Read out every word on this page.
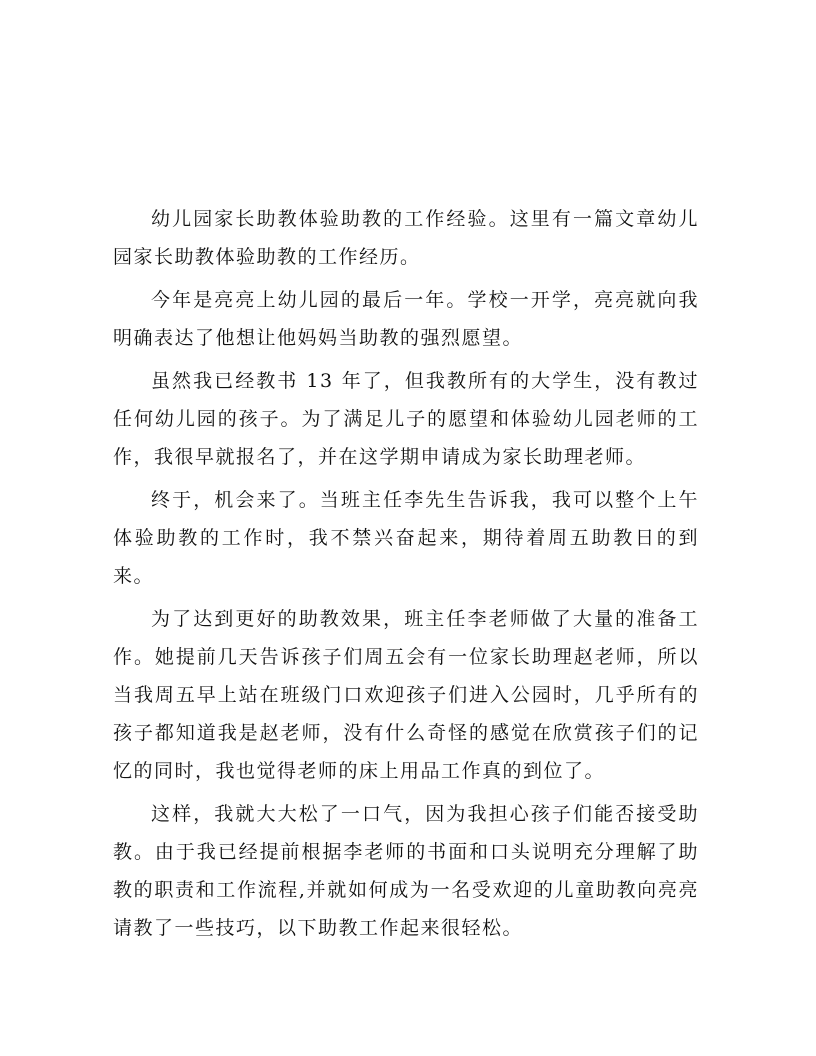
幼儿园家长助教体验助教的工作经验。这里有一篇文章幼儿园家长助教体验助教的工作经历。

今年是亮亮上幼儿园的最后一年。学校一开学，亮亮就向我明确表达了他想让他妈妈当助教的强烈愿望。

虽然我已经教书 13 年了，但我教所有的大学生，没有教过任何幼儿园的孩子。为了满足儿子的愿望和体验幼儿园老师的工作，我很早就报名了，并在这学期申请成为家长助理老师。

终于，机会来了。当班主任李先生告诉我，我可以整个上午体验助教的工作时，我不禁兴奋起来，期待着周五助教日的到来。

为了达到更好的助教效果，班主任李老师做了大量的准备工作。她提前几天告诉孩子们周五会有一位家长助理赵老师，所以当我周五早上站在班级门口欢迎孩子们进入公园时，几乎所有的孩子都知道我是赵老师，没有什么奇怪的感觉在欣赏孩子们的记忆的同时，我也觉得老师的床上用品工作真的到位了。

这样，我就大大松了一口气，因为我担心孩子们能否接受助教。由于我已经提前根据李老师的书面和口头说明充分理解了助教的职责和工作流程,并就如何成为一名受欢迎的儿童助教向亮亮请教了一些技巧，以下助教工作起来很轻松。
